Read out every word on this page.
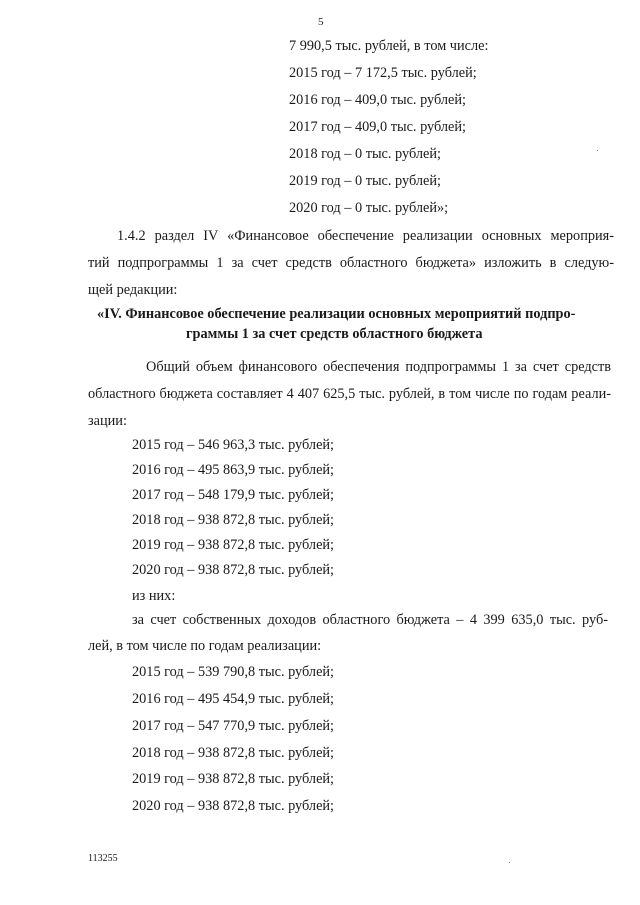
5
7 990,5 тыс. рублей, в том числе:
2015 год – 7 172,5 тыс. рублей;
2016 год – 409,0 тыс. рублей;
2017 год – 409,0 тыс. рублей;
2018 год – 0 тыс. рублей;
2019 год – 0 тыс. рублей;
2020 год – 0 тыс. рублей»;
1.4.2 раздел IV «Финансовое обеспечение реализации основных мероприя-
тий подпрограммы 1 за счет средств областного бюджета» изложить в следую-
щей редакции:
«IV. Финансовое обеспечение реализации основных мероприятий подпро-
граммы 1 за счет средств областного бюджета
Общий объем финансового обеспечения подпрограммы 1 за счет средств
областного бюджета составляет 4 407 625,5 тыс. рублей, в том числе по годам реали-
зации:
2015 год – 546 963,3 тыс. рублей;
2016 год – 495 863,9 тыс. рублей;
2017 год – 548 179,9 тыс. рублей;
2018 год – 938 872,8 тыс. рублей;
2019 год – 938 872,8 тыс. рублей;
2020 год – 938 872,8 тыс. рублей;
из них:
за счет собственных доходов областного бюджета – 4 399 635,0 тыс. руб-
лей, в том числе по годам реализации:
2015 год – 539 790,8 тыс. рублей;
2016 год – 495 454,9 тыс. рублей;
2017 год – 547 770,9 тыс. рублей;
2018 год – 938 872,8 тыс. рублей;
2019 год – 938 872,8 тыс. рублей;
2020 год – 938 872,8 тыс. рублей;
113255
